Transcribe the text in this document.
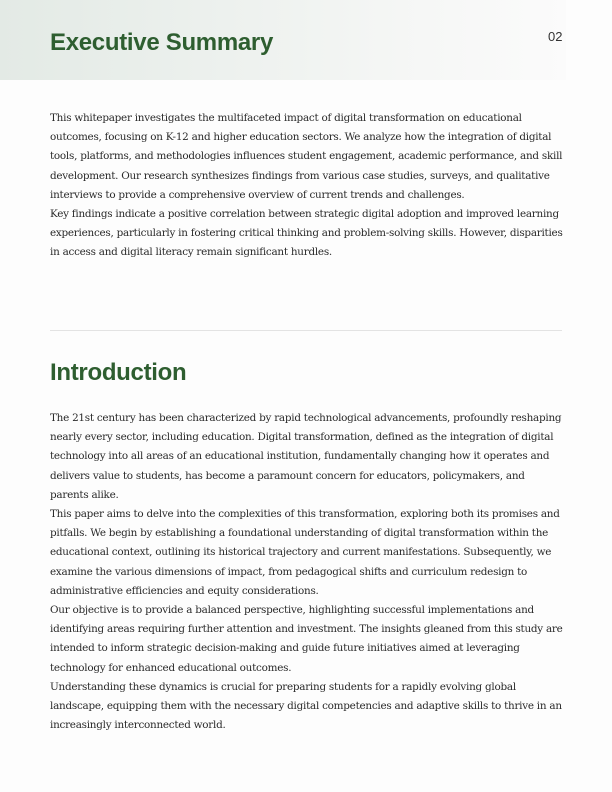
Executive Summary	02

This whitepaper investigates the multifaceted impact of digital transformation on educational outcomes, focusing on K-12 and higher education sectors. We analyze how the integration of digital tools, platforms, and methodologies influences student engagement, academic performance, and skill development. Our research synthesizes findings from various case studies, surveys, and qualitative interviews to provide a comprehensive overview of current trends and challenges.

Key findings indicate a positive correlation between strategic digital adoption and improved learning experiences, particularly in fostering critical thinking and problem-solving skills. However, disparities in access and digital literacy remain significant hurdles.

Introduction

The 21st century has been characterized by rapid technological advancements, profoundly reshaping nearly every sector, including education. Digital transformation, defined as the integration of digital technology into all areas of an educational institution, fundamentally changing how it operates and delivers value to students, has become a paramount concern for educators, policymakers, and parents alike.

This paper aims to delve into the complexities of this transformation, exploring both its promises and pitfalls. We begin by establishing a foundational understanding of digital transformation within the educational context, outlining its historical trajectory and current manifestations. Subsequently, we examine the various dimensions of impact, from pedagogical shifts and curriculum redesign to administrative efficiencies and equity considerations.

Our objective is to provide a balanced perspective, highlighting successful implementations and identifying areas requiring further attention and investment. The insights gleaned from this study are intended to inform strategic decision-making and guide future initiatives aimed at leveraging technology for enhanced educational outcomes.

Understanding these dynamics is crucial for preparing students for a rapidly evolving global landscape, equipping them with the necessary digital competencies and adaptive skills to thrive in an increasingly interconnected world.
